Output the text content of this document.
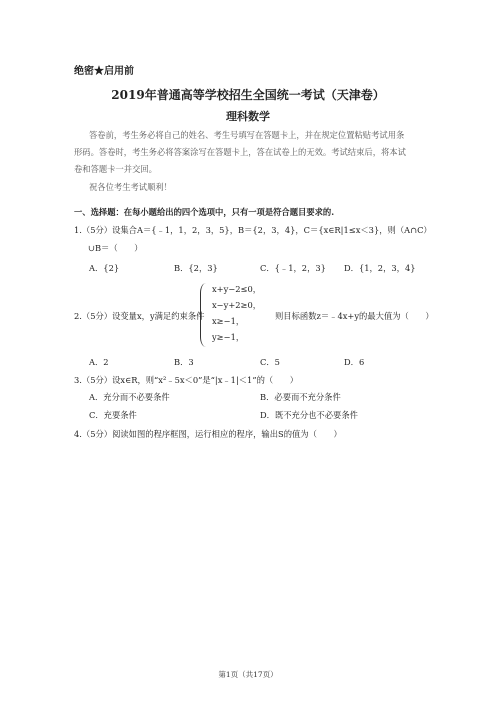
绝密★启用前
2019年普通高等学校招生全国统一考试（天津卷）
理科数学
答卷前，考生务必将自己的姓名、考生号填写在答题卡上，并在规定位置粘贴考试用条
形码。答卷时，考生务必将答案涂写在答题卡上，答在试卷上的无效。考试结束后，将本试
卷和答题卡一并交回。
祝各位考生考试顺利！
一、选择题：在每小题给出的四个选项中，只有一项是符合题目要求的.
1.（5分）设集合A＝{﹣1，1，2，3，5}，B＝{2，3，4}，C＝{x∈R|1≤x＜3}，则（A∩C）
∪B＝（　　）
A．{2}	B．{2，3}	C．{﹣1，2，3} D．{1，2，3，4}
2.（5分）设变量x，y满足约束条件
x+y−2≤0，
x−y+2≥0，
x≥−1，
y≥−1，
则目标函数z＝﹣4x+y的最大值为（　　）
A．2	B．3	C．5	D．6
3.（5分）设x∈R，则“x²﹣5x＜0”是“|x﹣1|＜1”的（　　）
A．充分而不必要条件	B．必要而不充分条件
C．充要条件	D．既不充分也不必要条件
4.（5分）阅读如图的程序框图，运行相应的程序，输出S的值为（　　）
第1页（共17页）
